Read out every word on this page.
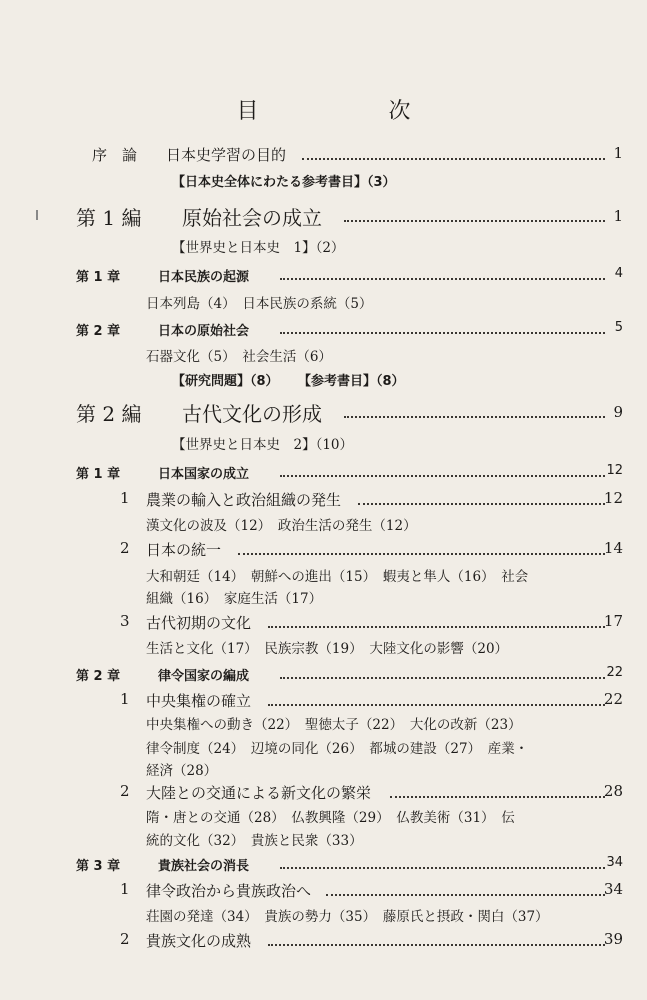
目　次
序　論 日本史学習の目的	1
【日本史全体にわたる参考書目】（3）
第 1 編 原始社会の成立	1
【世界史と日本史　1】（2）
第 1 章	日本民族の起源	4
日本列島（4）　日本民族の系統（5）
第 2 章	日本の原始社会	5
石器文化（5）　社会生活（6）
【研究問題】（8） 【参考書目】（8）
第 2 編 古代文化の形成	9
【世界史と日本史　2】（10）
第 1 章	日本国家の成立	12
1 農業の輸入と政治組織の発生	12
漢文化の波及（12）　政治生活の発生（12）
2 日本の統一	14
大和朝廷（14）　朝鮮への進出（15）　蝦夷と隼人（16）　社会
組織（16）　家庭生活（17）
3 古代初期の文化	17
生活と文化（17）　民族宗教（19）　大陸文化の影響（20）
第 2 章	律令国家の編成	22
1 中央集権の確立	22
中央集権への動き（22）　聖徳太子（22）　大化の改新（23）
律令制度（24）　辺境の同化（26）　都城の建設（27）　産業・
経済（28）
2 大陸との交通による新文化の繁栄	28
隋・唐との交通（28）　仏教興隆（29）　仏教美術（31）　伝
統的文化（32）　貴族と民衆（33）
第 3 章	貴族社会の消長	34
1 律令政治から貴族政治へ	34
荘園の発達（34）　貴族の勢力（35）　藤原氏と摂政・関白（37）
2 貴族文化の成熟	39
